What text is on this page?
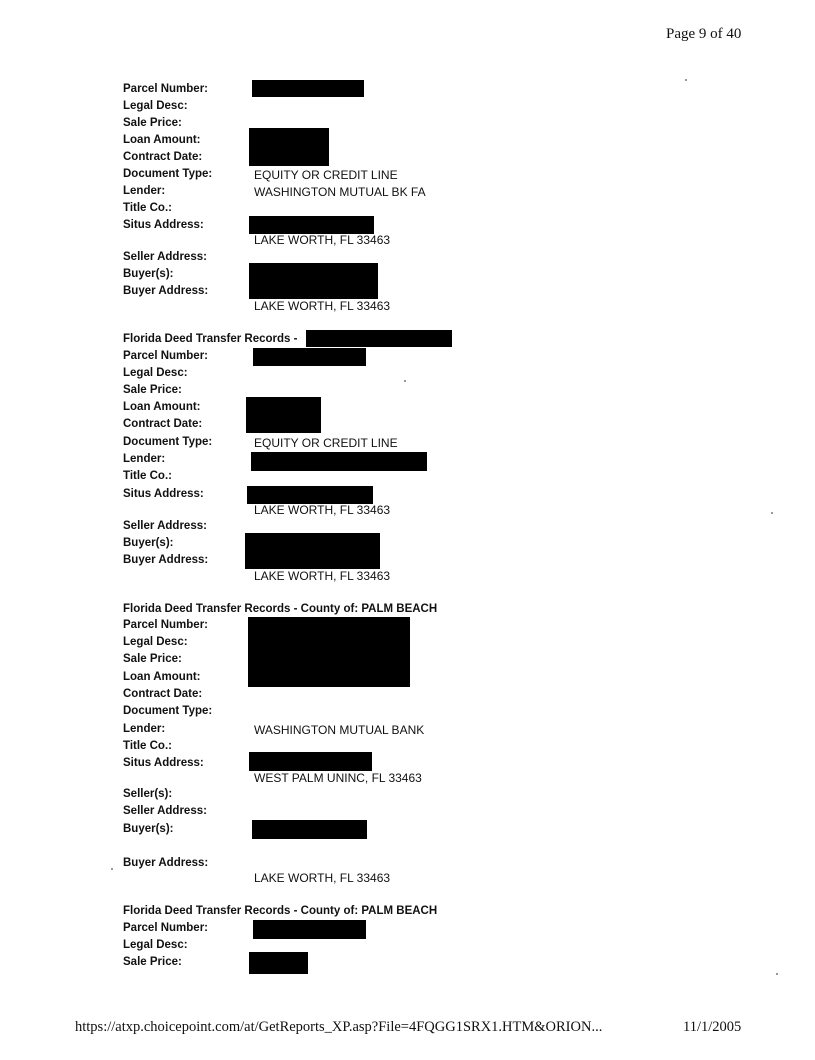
Page 9 of 40
Parcel Number:
Legal Desc:
Sale Price:
Loan Amount:
Contract Date:
Document Type:
Lender:
Title Co.:
Situs Address:
Seller Address:
Buyer(s):
Buyer Address:
EQUITY OR CREDIT LINE
WASHINGTON MUTUAL BK FA
LAKE WORTH, FL 33463
LAKE WORTH, FL 33463
Florida Deed Transfer Records -
Parcel Number:
Legal Desc:
Sale Price:
Loan Amount:
Contract Date:
Document Type:
Lender:
Title Co.:
Situs Address:
Seller Address:
Buyer(s):
Buyer Address:
EQUITY OR CREDIT LINE
LAKE WORTH, FL 33463
LAKE WORTH, FL 33463
Florida Deed Transfer Records - County of: PALM BEACH
Parcel Number:
Legal Desc:
Sale Price:
Loan Amount:
Contract Date:
Document Type:
Lender:
Title Co.:
Situs Address:
Seller(s):
Seller Address:
Buyer(s):
Buyer Address:
WASHINGTON MUTUAL BANK
WEST PALM UNINC, FL 33463
LAKE WORTH, FL 33463
Florida Deed Transfer Records - County of: PALM BEACH
Parcel Number:
Legal Desc:
Sale Price:
https://atxp.choicepoint.com/at/GetReports_XP.asp?File=4FQGG1SRX1.HTM&ORION...	11/1/2005
